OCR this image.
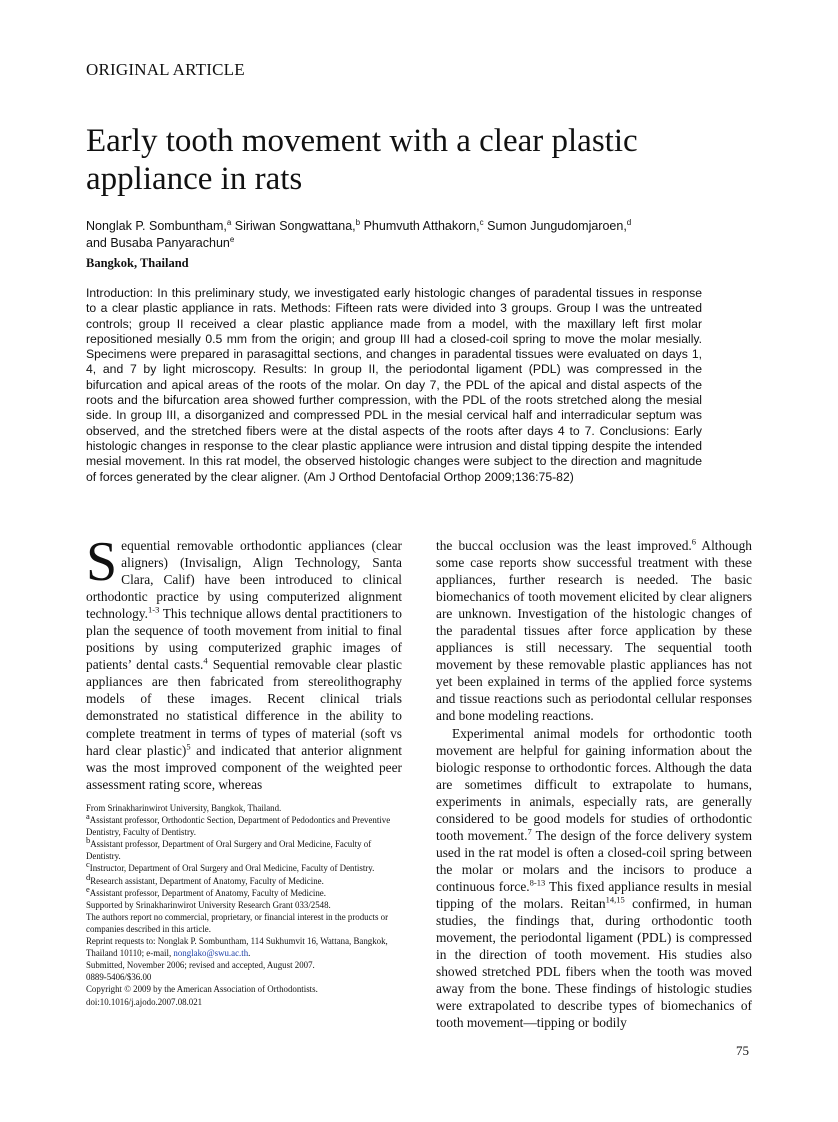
ORIGINAL ARTICLE
Early tooth movement with a clear plastic appliance in rats
Nonglak P. Sombuntham,$^a$ Siriwan Songwattana,$^b$ Phumvuth Atthakorn,$^c$ Sumon Jungudomjaroen,$^d$
and Busaba Panyarachun$^e$
Bangkok, Thailand

Introduction: In this preliminary study, we investigated early histologic changes of paradental tissues in response to a clear plastic appliance in rats. Methods: Fifteen rats were divided into 3 groups. Group I was the untreated controls; group II received a clear plastic appliance made from a model, with the maxillary left first molar repositioned mesially 0.5 mm from the origin; and group III had a closed-coil spring to move the molar mesially. Specimens were prepared in parasagittal sections, and changes in paradental tissues were evaluated on days 1, 4, and 7 by light microscopy. Results: In group II, the periodontal ligament (PDL) was compressed in the bifurcation and apical areas of the roots of the molar. On day 7, the PDL of the apical and distal aspects of the roots and the bifurcation area showed further compression, with the PDL of the roots stretched along the mesial side. In group III, a disorganized and compressed PDL in the mesial cervical half and interradicular septum was observed, and the stretched fibers were at the distal aspects of the roots after days 4 to 7. Conclusions: Early histologic changes in response to the clear plastic appliance were intrusion and distal tipping despite the intended mesial movement. In this rat model, the observed histologic changes were subject to the direction and magnitude of forces generated by the clear aligner. (Am J Orthod Dentofacial Orthop 2009;136:75-82)

Sequential removable orthodontic appliances (clear aligners) (Invisalign, Align Technology, Santa Clara, Calif) have been introduced to clinical orthodontic practice by using computerized alignment technology.$^{1-3}$ This technique allows dental practitioners to plan the sequence of tooth movement from initial to final positions by using computerized graphic images of patients’ dental casts.$^4$ Sequential removable clear plastic appliances are then fabricated from stereolithography models of these images. Recent clinical trials demonstrated no statistical difference in the ability to complete treatment in terms of types of material (soft vs hard clear plastic)$^5$ and indicated that anterior alignment was the most improved component of the weighted peer assessment rating score, whereas

From Srinakharinwirot University, Bangkok, Thailand.
$^a$Assistant professor, Orthodontic Section, Department of Pedodontics and Preventive Dentistry, Faculty of Dentistry.
$^b$Assistant professor, Department of Oral Surgery and Oral Medicine, Faculty of Dentistry.
$^c$Instructor, Department of Oral Surgery and Oral Medicine, Faculty of Dentistry.
$^d$Research assistant, Department of Anatomy, Faculty of Medicine.
$^e$Assistant professor, Department of Anatomy, Faculty of Medicine.
Supported by Srinakharinwirot University Research Grant 033/2548.
The authors report no commercial, proprietary, or financial interest in the products or companies described in this article.
Reprint requests to: Nonglak P. Sombuntham, 114 Sukhumvit 16, Wattana, Bangkok, Thailand 10110; e-mail, nonglako@swu.ac.th.
Submitted, November 2006; revised and accepted, August 2007.
0889-5406/$36.00
Copyright © 2009 by the American Association of Orthodontists.
doi:10.1016/j.ajodo.2007.08.021

the buccal occlusion was the least improved.$^6$ Although some case reports show successful treatment with these appliances, further research is needed. The basic biomechanics of tooth movement elicited by clear aligners are unknown. Investigation of the histologic changes of the paradental tissues after force application by these appliances is still necessary. The sequential tooth movement by these removable plastic appliances has not yet been explained in terms of the applied force systems and tissue reactions such as periodontal cellular responses and bone modeling reactions.

Experimental animal models for orthodontic tooth movement are helpful for gaining information about the biologic response to orthodontic forces. Although the data are sometimes difficult to extrapolate to humans, experiments in animals, especially rats, are generally considered to be good models for studies of orthodontic tooth movement.$^7$ The design of the force delivery system used in the rat model is often a closed-coil spring between the molar or molars and the incisors to produce a continuous force.$^{8-13}$ This fixed appliance results in mesial tipping of the molars. Reitan$^{14,15}$ confirmed, in human studies, the findings that, during orthodontic tooth movement, the periodontal ligament (PDL) is compressed in the direction of tooth movement. His studies also showed stretched PDL fibers when the tooth was moved away from the bone. These findings of histologic studies were extrapolated to describe types of biomechanics of tooth movement—tipping or bodily

75
